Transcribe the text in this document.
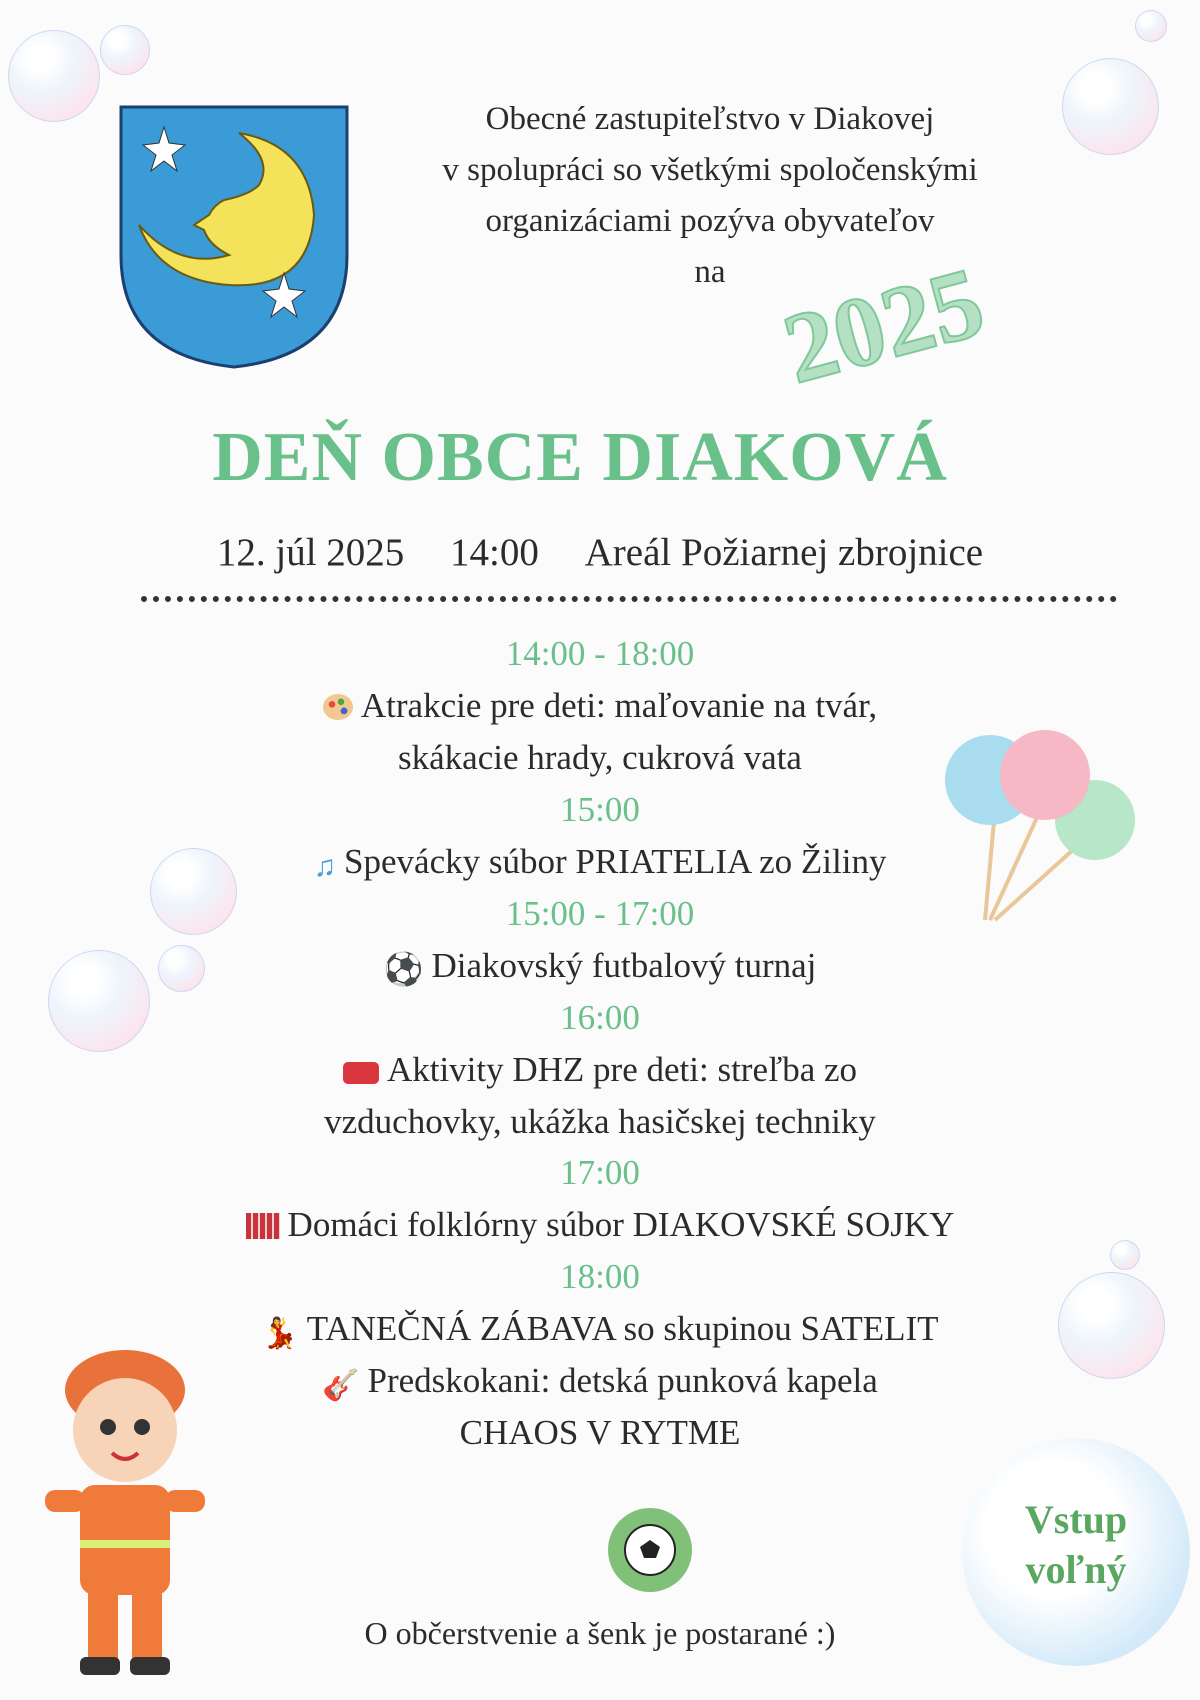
Obecné zastupiteľstvo v Diakovej
v spolupráci so všetkými spoločenskými
organizáciami pozýva obyvateľov
na 2025
DEŇ OBCE DIAKOVÁ
12. júl 2025 14:00 Areál Požiarnej zbrojnice
14:00 - 18:00
Atrakcie pre deti: maľovanie na tvár,
skákacie hrady, cukrová vata
15:00
♫ Spevácky súbor PRIATELIA zo Žiliny
15:00 - 17:00
⚽ Diakovský futbalový turnaj
16:00
Aktivity DHZ pre deti: streľba zo
vzduchovky, ukážka hasičskej techniky
17:00
Domáci folklórny súbor DIAKOVSKÉ SOJKY
18:00
💃 TANEČNÁ ZÁBAVA so skupinou SATELIT
🎸 Predskokani: detská punková kapela
CHAOS V RYTME
Vstup
voľný
O občerstvenie a šenk je postarané :)
